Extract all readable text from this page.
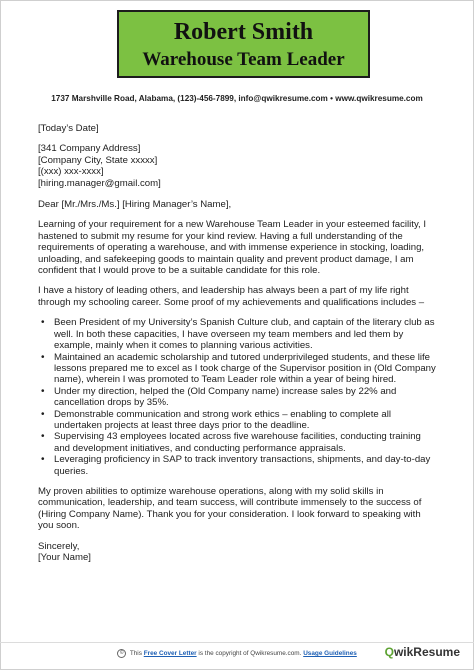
Robert Smith
Warehouse Team Leader
1737 Marshville Road, Alabama, (123)-456-7899, info@qwikresume.com • www.qwikresume.com

[Today’s Date]

[341 Company Address]

[Company City, State xxxxx]

[(xxx) xxx-xxxx]

[hiring.manager@gmail.com]

Dear [Mr./Mrs./Ms.] [Hiring Manager’s Name],

Learning of your requirement for a new Warehouse Team Leader in your esteemed facility, I hastened to submit my resume for your kind review. Having a full understanding of the requirements of operating a warehouse, and with immense experience in stocking, loading, unloading, and safekeeping goods to maintain quality and prevent product damage, I am confident that I would prove to be a suitable candidate for this role.

I have a history of leading others, and leadership has always been a part of my life right through my schooling career. Some proof of my achievements and qualifications includes –

• Been President of my University’s Spanish Culture club, and captain of the literary club as well. In both these capacities, I have overseen my team members and led them by example, mainly when it comes to planning various activities.
• Maintained an academic scholarship and tutored underprivileged students, and these life lessons prepared me to excel as I took charge of the Supervisor position in (Old Company name), wherein I was promoted to Team Leader role within a year of being hired.
• Under my direction, helped the (Old Company name) increase sales by 22% and cancellation drops by 35%.
• Demonstrable communication and strong work ethics – enabling to complete all undertaken projects at least three days prior to the deadline.
• Supervising 43 employees located across five warehouse facilities, conducting training and development initiatives, and conducting performance appraisals.
• Leveraging proficiency in SAP to track inventory transactions, shipments, and day-to-day queries.

My proven abilities to optimize warehouse operations, along with my solid skills in communication, leadership, and team success, will contribute immensely to the success of (Hiring Company Name). Thank you for your consideration. I look forward to speaking with you soon.

Sincerely,

[Your Name]

© This Free Cover Letter is the copyright of Qwikresume.com. Usage Guidelines	QwikResume
